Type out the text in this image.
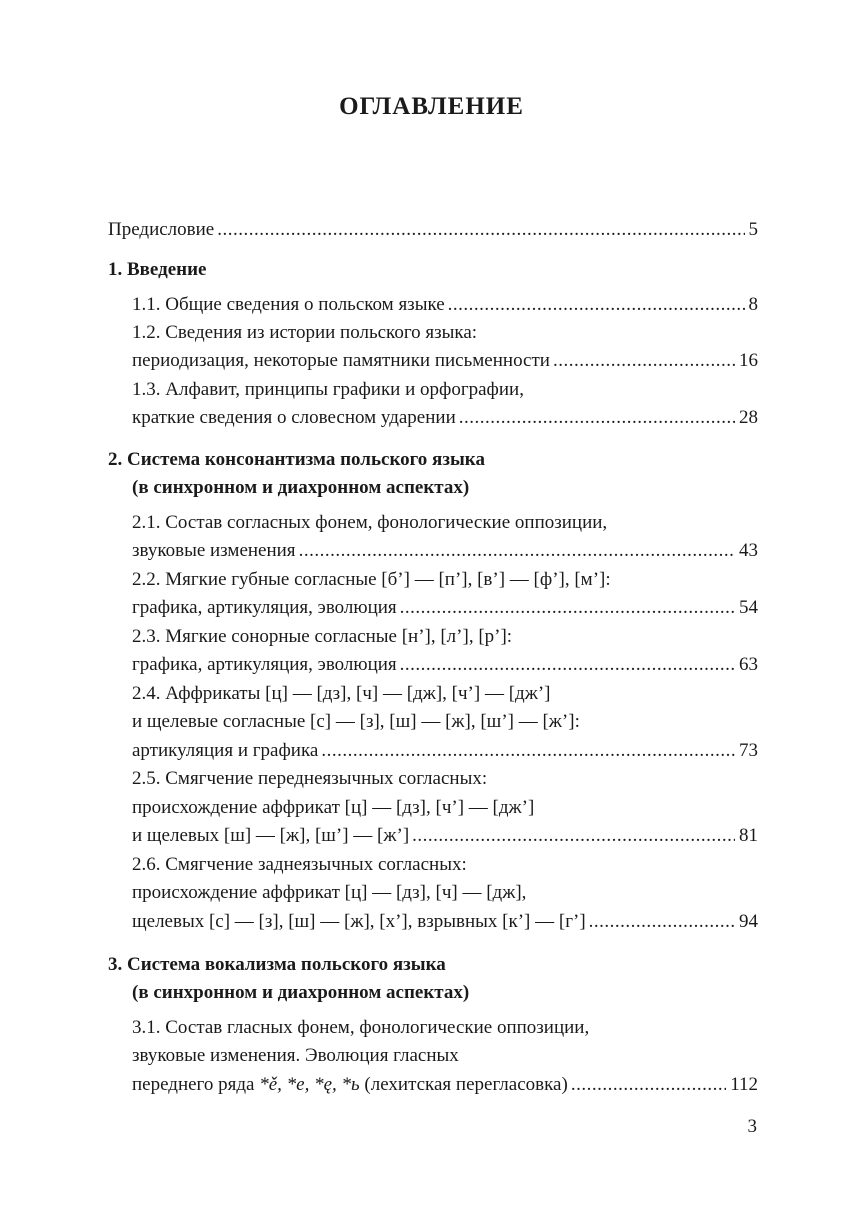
ОГЛАВЛЕНИЕ
Предисловие .....	5
1. Введение
1.1. Общие сведения о польском языке .....	8
1.2. Сведения из истории польского языка:
периодизация, некоторые памятники письменности .....	16
1.3. Алфавит, принципы графики и орфографии,
краткие сведения о словесном ударении .....	28
2. Система консонантизма польского языка
(в синхронном и диахронном аспектах)
2.1. Состав согласных фонем, фонологические оппозиции,
звуковые изменения .....	43
2.2. Мягкие губные согласные [б’] — [п’], [в’] — [ф’], [м’]:
графика, артикуляция, эволюция .....	54
2.3. Мягкие сонорные согласные [н’], [л’], [р’]:
графика, артикуляция, эволюция .....	63
2.4. Аффрикаты [ц] — [дз], [ч] — [дж], [ч’] — [дж’]
и щелевые согласные [с] — [з], [ш] — [ж], [ш’] — [ж’]:
артикуляция и графика .....	73
2.5. Смягчение переднеязычных согласных:
происхождение аффрикат [ц] — [дз], [ч’] — [дж’]
и щелевых [ш] — [ж], [ш’] — [ж’] .....	81
2.6. Смягчение заднеязычных согласных:
происхождение аффрикат [ц] — [дз], [ч] — [дж],
щелевых [с] — [з], [ш] — [ж], [х’], взрывных [к’] — [г’] .....	94
3. Система вокализма польского языка
(в синхронном и диахронном аспектах)
3.1. Состав гласных фонем, фонологические оппозиции,
звуковые изменения. Эволюция гласных
переднего ряда *ě, *e, *ę, *ь (лехитская перегласовка) .....	112
3
